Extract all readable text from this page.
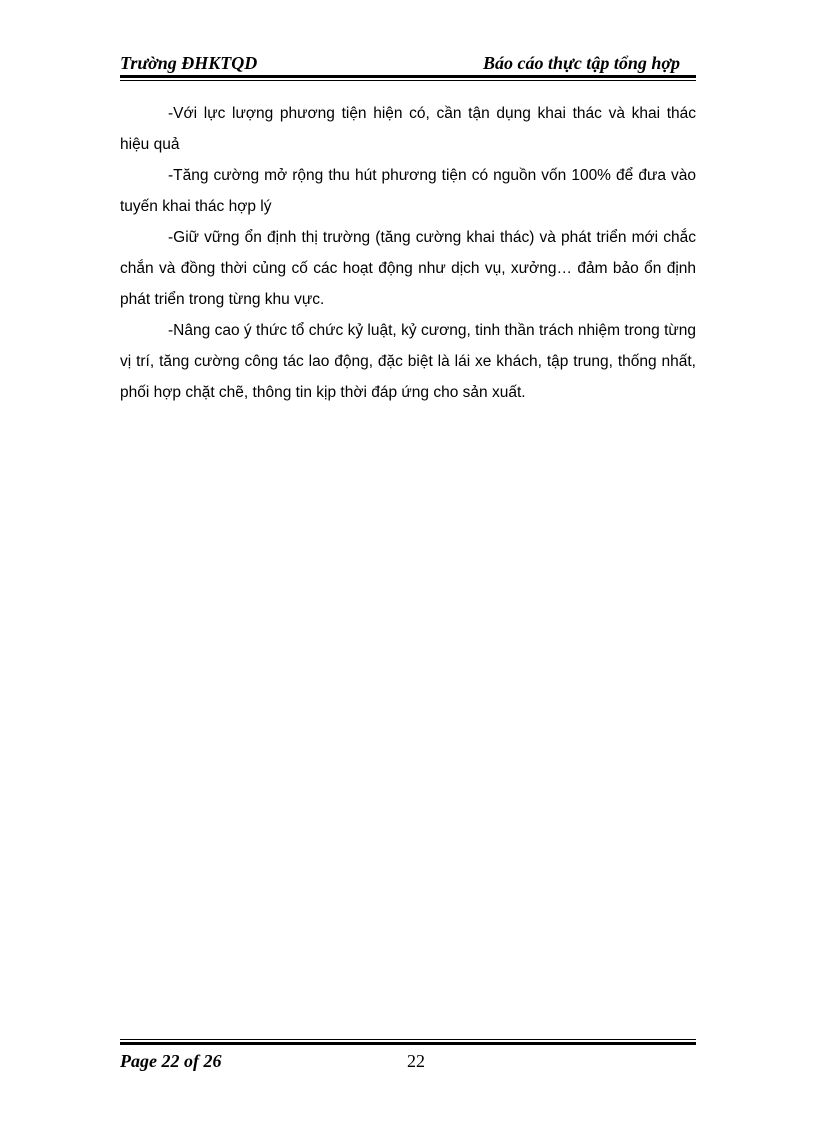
Trường ĐHKTQD	Báo cáo thực tập tổng hợp

-Với lực lượng phương tiện hiện có, cần tận dụng khai thác và khai thác hiệu quả

-Tăng cường mở rộng thu hút phương tiện có nguồn vốn 100% để đưa vào tuyến khai thác hợp lý

-Giữ vững ổn định thị trường (tăng cường khai thác) và phát triển mới chắc chắn và đồng thời củng cố các hoạt động như dịch vụ, xưởng… đảm bảo ổn định phát triển trong từng khu vực.

-Nâng cao ý thức tổ chức kỷ luật, kỷ cương, tinh thần trách nhiệm trong từng vị trí, tăng cường công tác lao động, đặc biệt là lái xe khách, tập trung, thống nhất, phối hợp chặt chẽ, thông tin kịp thời đáp ứng cho sản xuất.

Page 22 of 26	22
